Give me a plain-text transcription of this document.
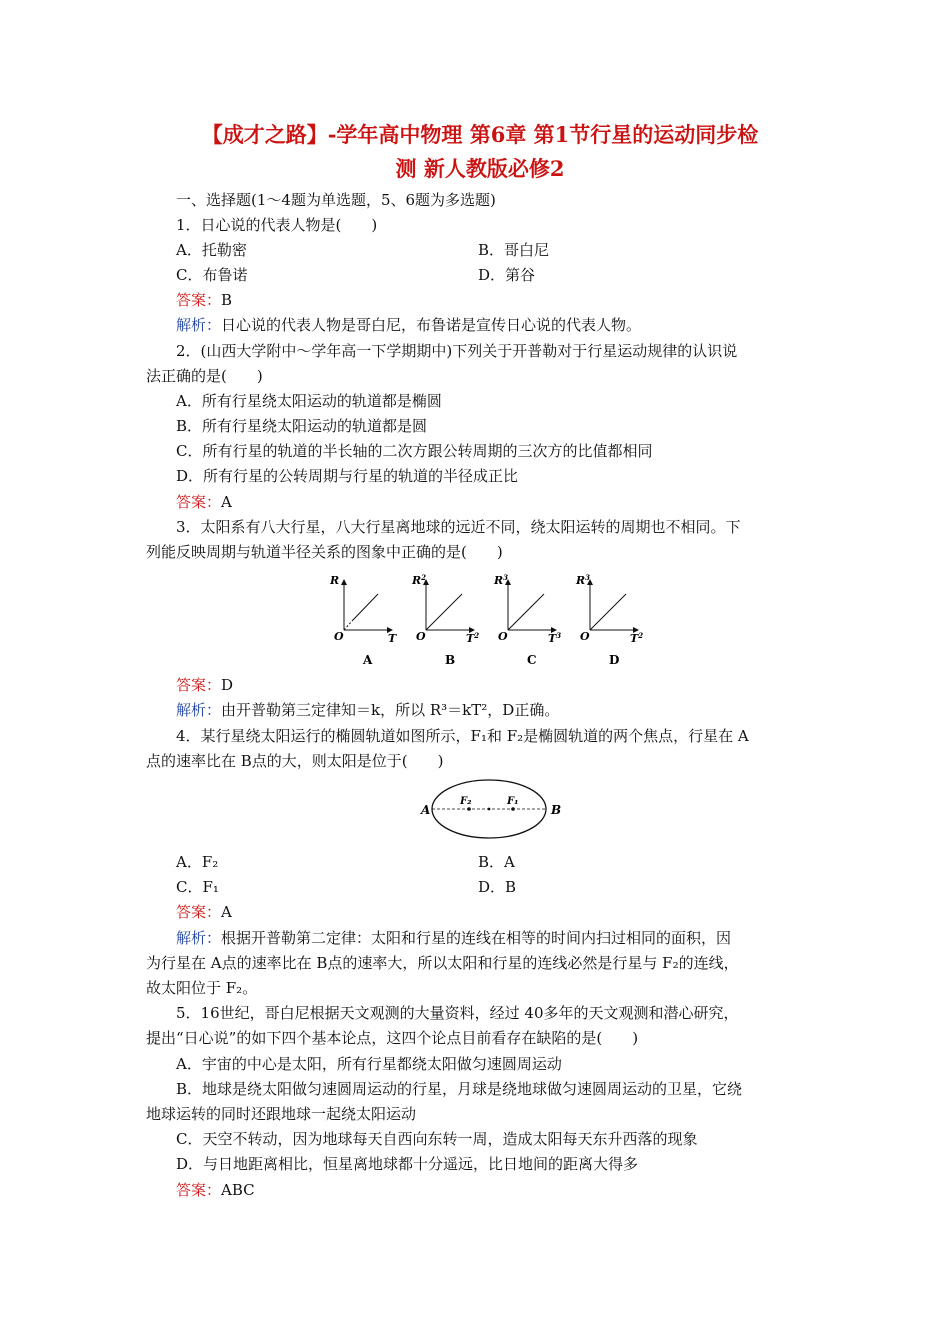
【成才之路】-学年高中物理 第6章 第1节行星的运动同步检
测 新人教版必修2
一、选择题(1～4题为单选题，5、6题为多选题)
1．日心说的代表人物是(　　)
A．托勒密	B．哥白尼
C．布鲁诺	D．第谷
答案：B
解析：日心说的代表人物是哥白尼，布鲁诺是宣传日心说的代表人物。
2．(山西大学附中～学年高一下学期期中)下列关于开普勒对于行星运动规律的认识说
法正确的是(　　)
A．所有行星绕太阳运动的轨道都是椭圆
B．所有行星绕太阳运动的轨道都是圆
C．所有行星的轨道的半长轴的二次方跟公转周期的三次方的比值都相同
D．所有行星的公转周期与行星的轨道的半径成正比
答案：A
3．太阳系有八大行星，八大行星离地球的远近不同，绕太阳运转的周期也不相同。下
列能反映周期与轨道半径关系的图象中正确的是(　　)
R
O	T
A
$R^2$
O	$T^2$
B
$R^3$
O	$T^3$
C
$R^3$
O	$T^2$
D
答案：D
解析：由开普勒第三定律知＝k，所以 R³＝kT²，D正确。
4．某行星绕太阳运行的椭圆轨道如图所示，F₁和 F₂是椭圆轨道的两个焦点，行星在 A
点的速率比在 B点的大，则太阳是位于(　　)
A	B
F₂	F₁
A．F₂	B．A
C．F₁	D．B
答案：A
解析：根据开普勒第二定律：太阳和行星的连线在相等的时间内扫过相同的面积，因
为行星在 A点的速率比在 B点的速率大，所以太阳和行星的连线必然是行星与 F₂的连线，
故太阳位于 F₂。
5．16世纪，哥白尼根据天文观测的大量资料，经过 40多年的天文观测和潜心研究，
提出“日心说”的如下四个基本论点，这四个论点目前看存在缺陷的是(　　)
A．宇宙的中心是太阳，所有行星都绕太阳做匀速圆周运动
B．地球是绕太阳做匀速圆周运动的行星，月球是绕地球做匀速圆周运动的卫星，它绕
地球运转的同时还跟地球一起绕太阳运动
C．天空不转动，因为地球每天自西向东转一周，造成太阳每天东升西落的现象
D．与日地距离相比，恒星离地球都十分遥远，比日地间的距离大得多
答案：ABC
